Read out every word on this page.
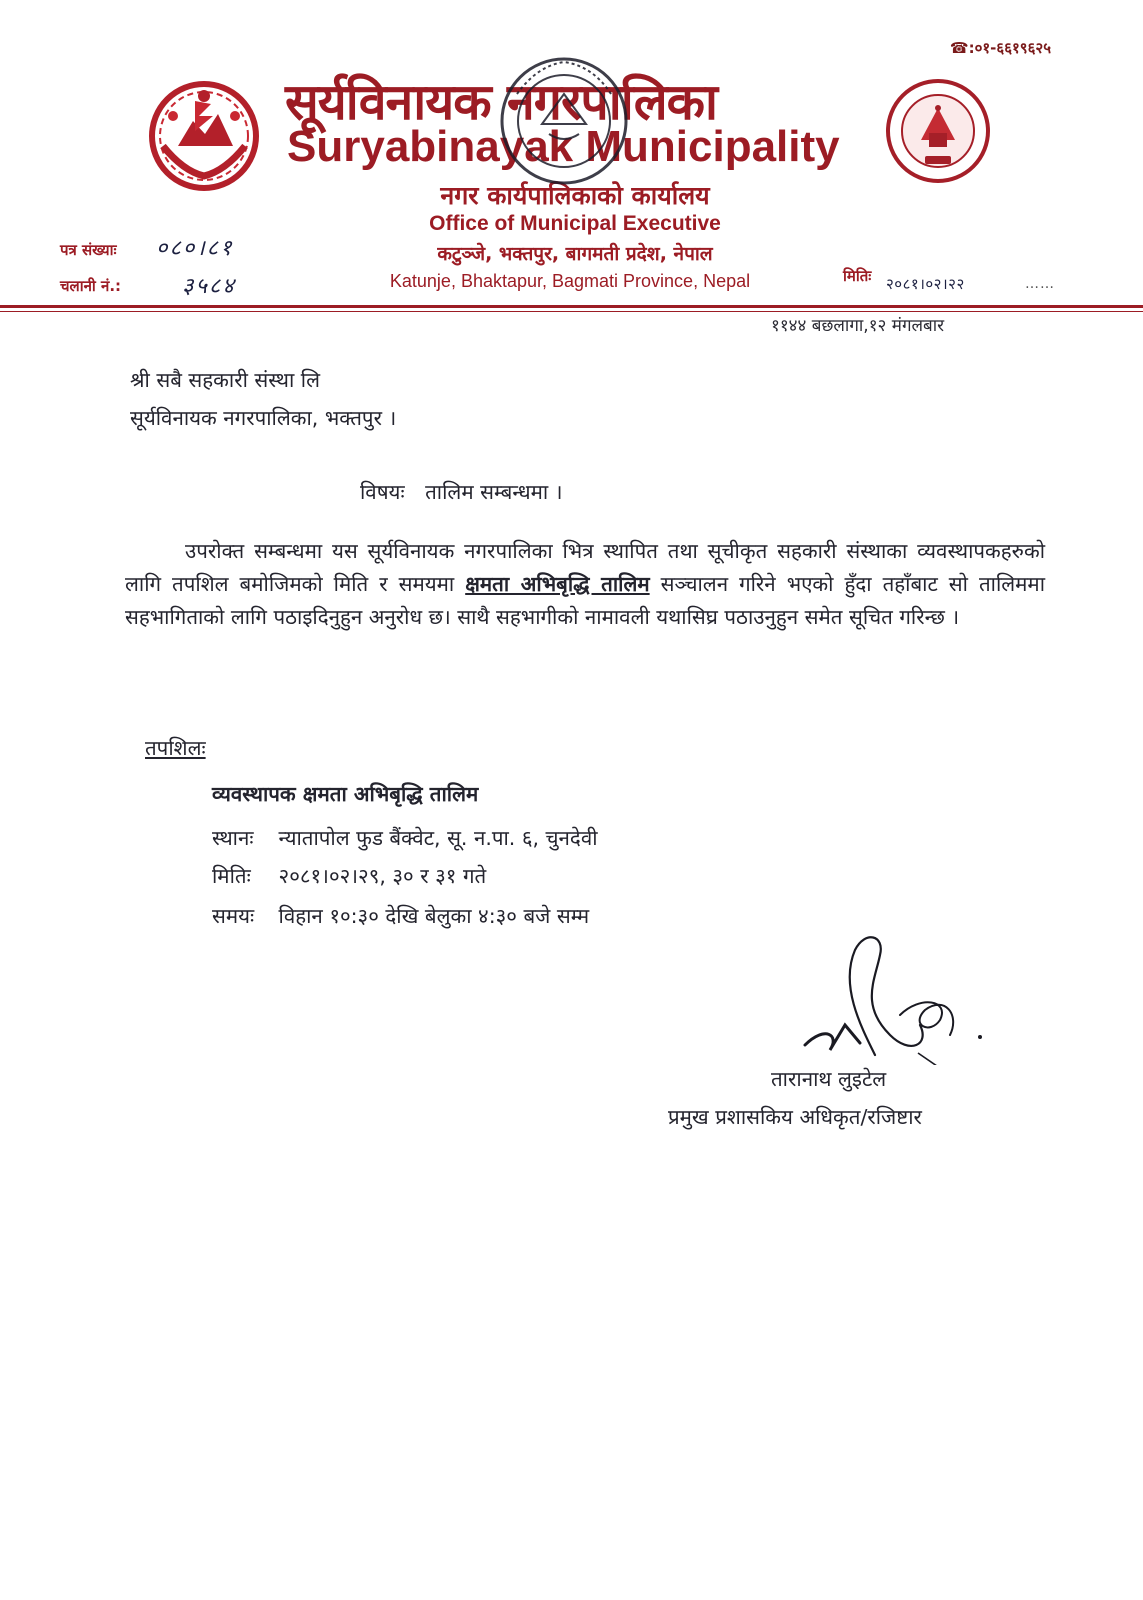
☎:०१-६६१९६२५
सूर्यविनायक नगरपालिका
Suryabinayak Municipality
नगर कार्यपालिकाको कार्यालय
Office of Municipal Executive
कटुञ्जे, भक्तपुर, बागमती प्रदेश, नेपाल
Katunje, Bhaktapur, Bagmati Province, Nepal
पत्र संख्याः ०८०।८१
चलानी नं.:	३५८४	मितिः २०८१।०२।२२	……
११४४ बछलागा,१२ मंगलबार
श्री सबै सहकारी संस्था लि
सूर्यविनायक नगरपालिका, भक्तपुर ।
विषयः तालिम सम्बन्धमा ।
उपरोक्त सम्बन्धमा यस सूर्यविनायक नगरपालिका भित्र स्थापित तथा सूचीकृत सहकारी संस्थाका व्यवस्थापकहरुको लागि तपशिल बमोजिमको मिति र समयमा क्षमता अभिबृद्धि तालिम सञ्चालन गरिने भएको हुँदा तहाँबाट सो तालिममा सहभागिताको लागि पठाइदिनुहुन अनुरोध छ। साथै सहभागीको नामावली यथासिघ्र पठाउनुहुन समेत सूचित गरिन्छ ।
तपशिलः
व्यवस्थापक क्षमता अभिबृद्धि तालिम
स्थानः न्यातापोल फुड बैंक्वेट, सू. न.पा. ६, चुनदेवी
मितिः २०८१।०२।२९, ३० र ३१ गते
समयः विहान १०:३० देखि बेलुका ४:३० बजे सम्म
तारानाथ लुइटेल
प्रमुख प्रशासकिय अधिकृत/रजिष्टार
